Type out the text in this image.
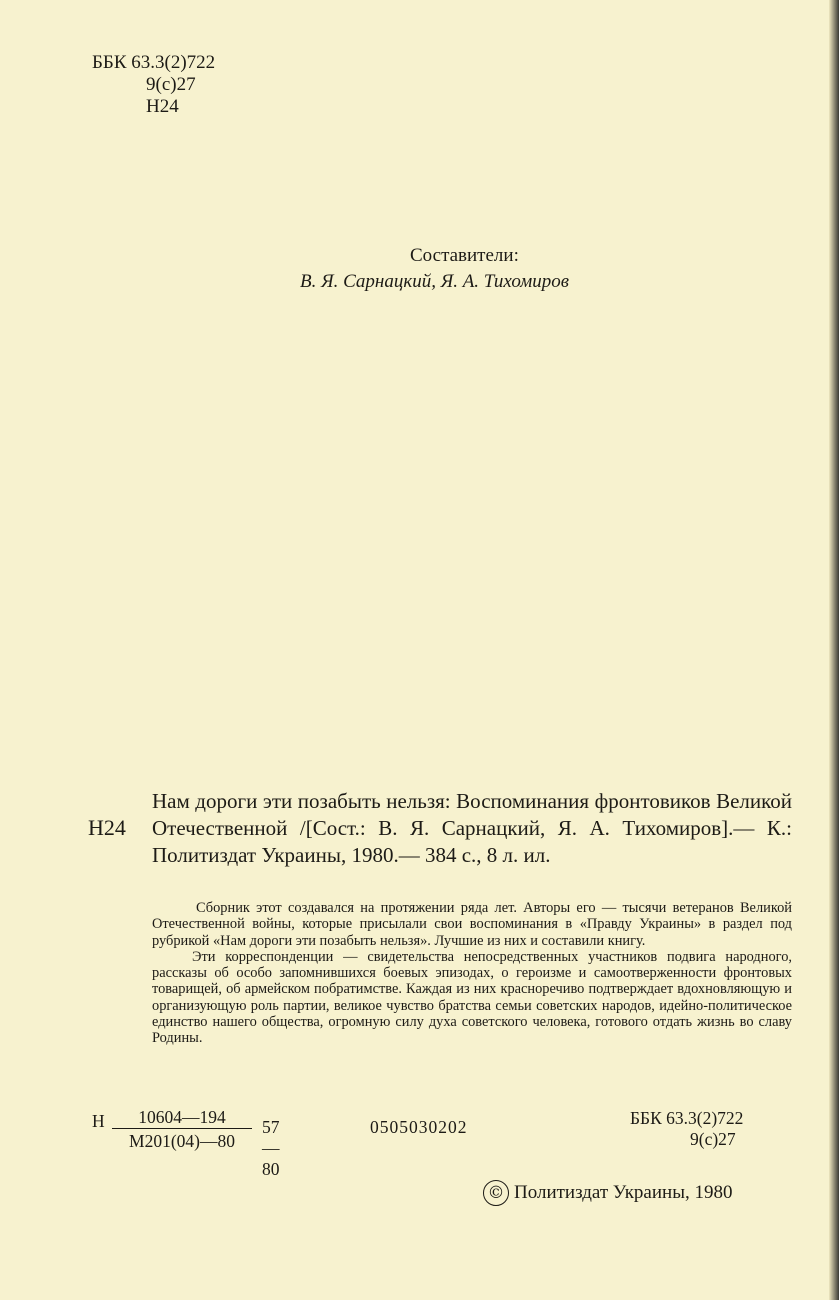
ББК 63.3(2)722
9(с)27
Н24
Составители:
В. Я. Сарнацкий, Я. А. Тихомиров
Н24

Нам дороги эти позабыть нельзя: Воспоминания фронтовиков Великой Отечественной /[Сост.: В. Я. Сарнацкий, Я. А. Тихомиров].— К.: Политиздат Украины, 1980.— 384 с., 8 л. ил.

Сборник этот создавался на протяжении ряда лет. Авторы его — тысячи ветеранов Великой Отечественной войны, которые присылали свои воспоминания в «Правду Украины» в раздел под рубрикой «Нам дороги эти позабыть нельзя». Лучшие из них и составили книгу.

Эти корреспонденции — свидетельства непосредственных участников подвига народного, рассказы об особо запомнившихся боевых эпизодах, о героизме и самоотверженности фронтовых товарищей, об армейском побратимстве. Каждая из них красноречиво подтверждает вдохновляющую и организующую роль партии, великое чувство братства семьи советских народов, идейно-политическое единство нашего общества, огромную силу духа советского человека, готового отдать жизнь во славу Родины.

Н	10604—194
М201(04)—80
57—80
0505030202	ББК 63.3(2)722
9(с)27
© Политиздат Украины, 1980
